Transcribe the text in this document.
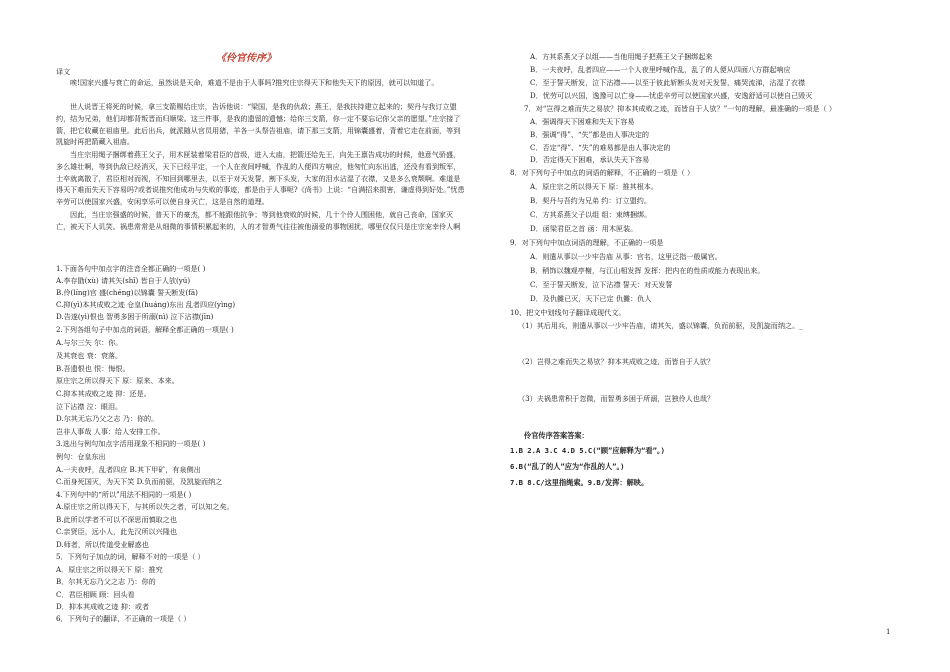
《伶官传序》
译文
唉!国家兴盛与衰亡的命运，虽然说是天命，难道不是由于人事吗?推究庄宗得天下和他失天下的原因，就可以知道了。
世人说晋王将死的时候，拿三支箭赐给庄宗，告诉他说：“梁国，是我的仇敌；燕王，是我扶持建立起来的；契丹与我订立盟约，结为兄弟，他们却都背叛晋而归顺梁。这三件事，是我的遗留的遗憾；给你三支箭，你一定不要忘记你父亲的愿望。”庄宗接了箭，把它收藏在祖庙里。此后出兵，就派随从官员用猪，羊各一头祭告祖庙，请下那三支箭，用锦囊盛着，背着它走在前面，等到凯旋时再把箭藏入祖庙。
当庄宗用绳子捆绑着燕王父子，用木匣装着梁君臣的首级，进入太庙，把箭还给先王，向先王禀告成功的时候，他意气骄盛，多么雄壮啊，等到仇敌已经消灭，天下已经平定，一个人在夜间呼喊，作乱的人便四方响应，他匆忙向东出逃，还没有看到叛军，士卒就离散了，君臣相对而视，不知回到哪里去，以至于对天发誓，割下头发，大家的泪水沾湿了衣襟，又是多么衰颓啊。难道是得天下难而失天下容易吗?或者说推究他成功与失败的事迹，都是由于人事呢?《尚书》上说：“自满招来损害，谦虚得到好处。”忧患辛劳可以使国家兴盛，安闲享乐可以使自身灭亡，这是自然的道理。
因此，当庄宗强盛的时候，普天下的豪杰，都不能跟他抗争；等到他衰败的时候，几十个伶人围困他，就自己丧命，国家灭亡，被天下人讥笑。祸患常常是从细微的事情积累起来的，人的才智勇气往往被他溺爱的事物困扰，哪里仅仅只是庄宗宠幸伶人啊
1.下面各句中加点字的注音全都正确的一项是( )
A.李存勖(xù) 请其矢(shǐ) 皆自于人欤(yú)
B.伶(líng)官 盛(chéng)以锦囊 誓天断发(fā)
C.抑(yì)本其成败之迹 仓皇(huáng)东出 乱者四应(yìng)
D.告遂(yì)恨也 智勇多困于所溺(nì) 泣下沾襟(jīn)
2.下列各组句子中加点的词语，解释全都正确的一项是( )
A.与尔三矢 尔：你。
及其衰也 衰：衰落。
B.吾遗恨也 恨：悔恨。
原庄宗之所以得天下 原：原来、本来。
C.抑本其成败之迹 抑：还是。
泣下沾襟 泣：眼泪。
D.尔其无忘乃父之志 乃：你的。
岂非人事哉 人事：给人安排工作。
3.选出与例句加点字活用现象不相同的一项是( )
例句：仓皇东出
A.一夫夜呼，乱者四应 B.其下甲矿，有泉侧出
C.而身死国灭，为天下笑 D.负而前驱，及凯旋而纳之
4.下列句中的“所以”用法不相同的一项是( )
A.原庄宗之所以得天下，与其所以失之者，可以知之矣。
B.此所以学者不可以不深思而慎取之也
C.亲贤臣，远小人，此先汉所以兴隆也
D.师者，所以传道受业解惑也
5．下列句子加点的词，解释不对的一项是（ ）
A．原庄宗之所以得天下 原：推究
B．尔其无忘乃父之志 乃：你的
C．君臣相顾 顾：回头看
D．抑本其成败之迹 抑：或者
6．下列句子的翻译，不正确的一项是（ ）
A．方其系燕父子以组——当他用绳子把燕王父子捆绑起来
B．一夫夜呼，乱者四应——一个人夜里呼喊作乱，乱了的人便从四面八方群起响应
C．至于誓天断发，泣下沾襟——以至于彼此斩断头发对天发誓，痛哭流涕，沾湿了衣襟
D．忧劳可以兴国，逸豫可以亡身——忧虑辛劳可以使国家兴盛，安逸舒适可以使自己毁灭
7．对“岂得之难而失之易欤？抑本其成败之迹，而皆自于人欤？”一句的理解，最准确的一项是（ ）
A．强调得天下困难和失天下容易
B．强调“得”、“失”都是由人事决定的
C．否定“得”、“失”的难易都是由人事决定的
D．否定得天下困难，承认失天下容易
8．对下列句子中加点的词语的解释，不正确的一项是（ ）
A．原庄宗之所以得天下 原：推其根本。
B．契丹与吾约为兄弟 约：订立盟约。
C．方其系燕父子以组 组：束缚捆绑。
D．函梁君臣之首 函：用木匣装。
9．对下列句中加点词语的理解，不正确的一项是
A．则遣从事以一少牢告庙 从事：官名，这里泛指一般属官。
B．稍饰以魏观亭榭，与江山相发挥 发挥：把内在的性质或能力表现出来。
C．至于誓天断发，泣下沾襟 誓天：对天发誓
D．及仇雠已灭，天下已定 仇雠：仇人
10、把文中划线句子翻译成现代文。
（1）其后用兵，则遣从事以一少牢告庙，请其矢，盛以锦囊，负而前驱，及凯旋而纳之。_
（2）岂得之难而失之易欤？抑本其成败之迹，而皆自于人欤？
（3）夫祸患常积于忽微，而智勇多困于所溺，岂独伶人也哉？
伶官传序答案答案：
1.B 2.A 3.C 4.D 5.C(“顾”应解释为“看”。)
6.B(“乱了的人”应为“作乱的人”。)
7.B 8.C/这里指绳索。9.B/发挥：解映。
1
